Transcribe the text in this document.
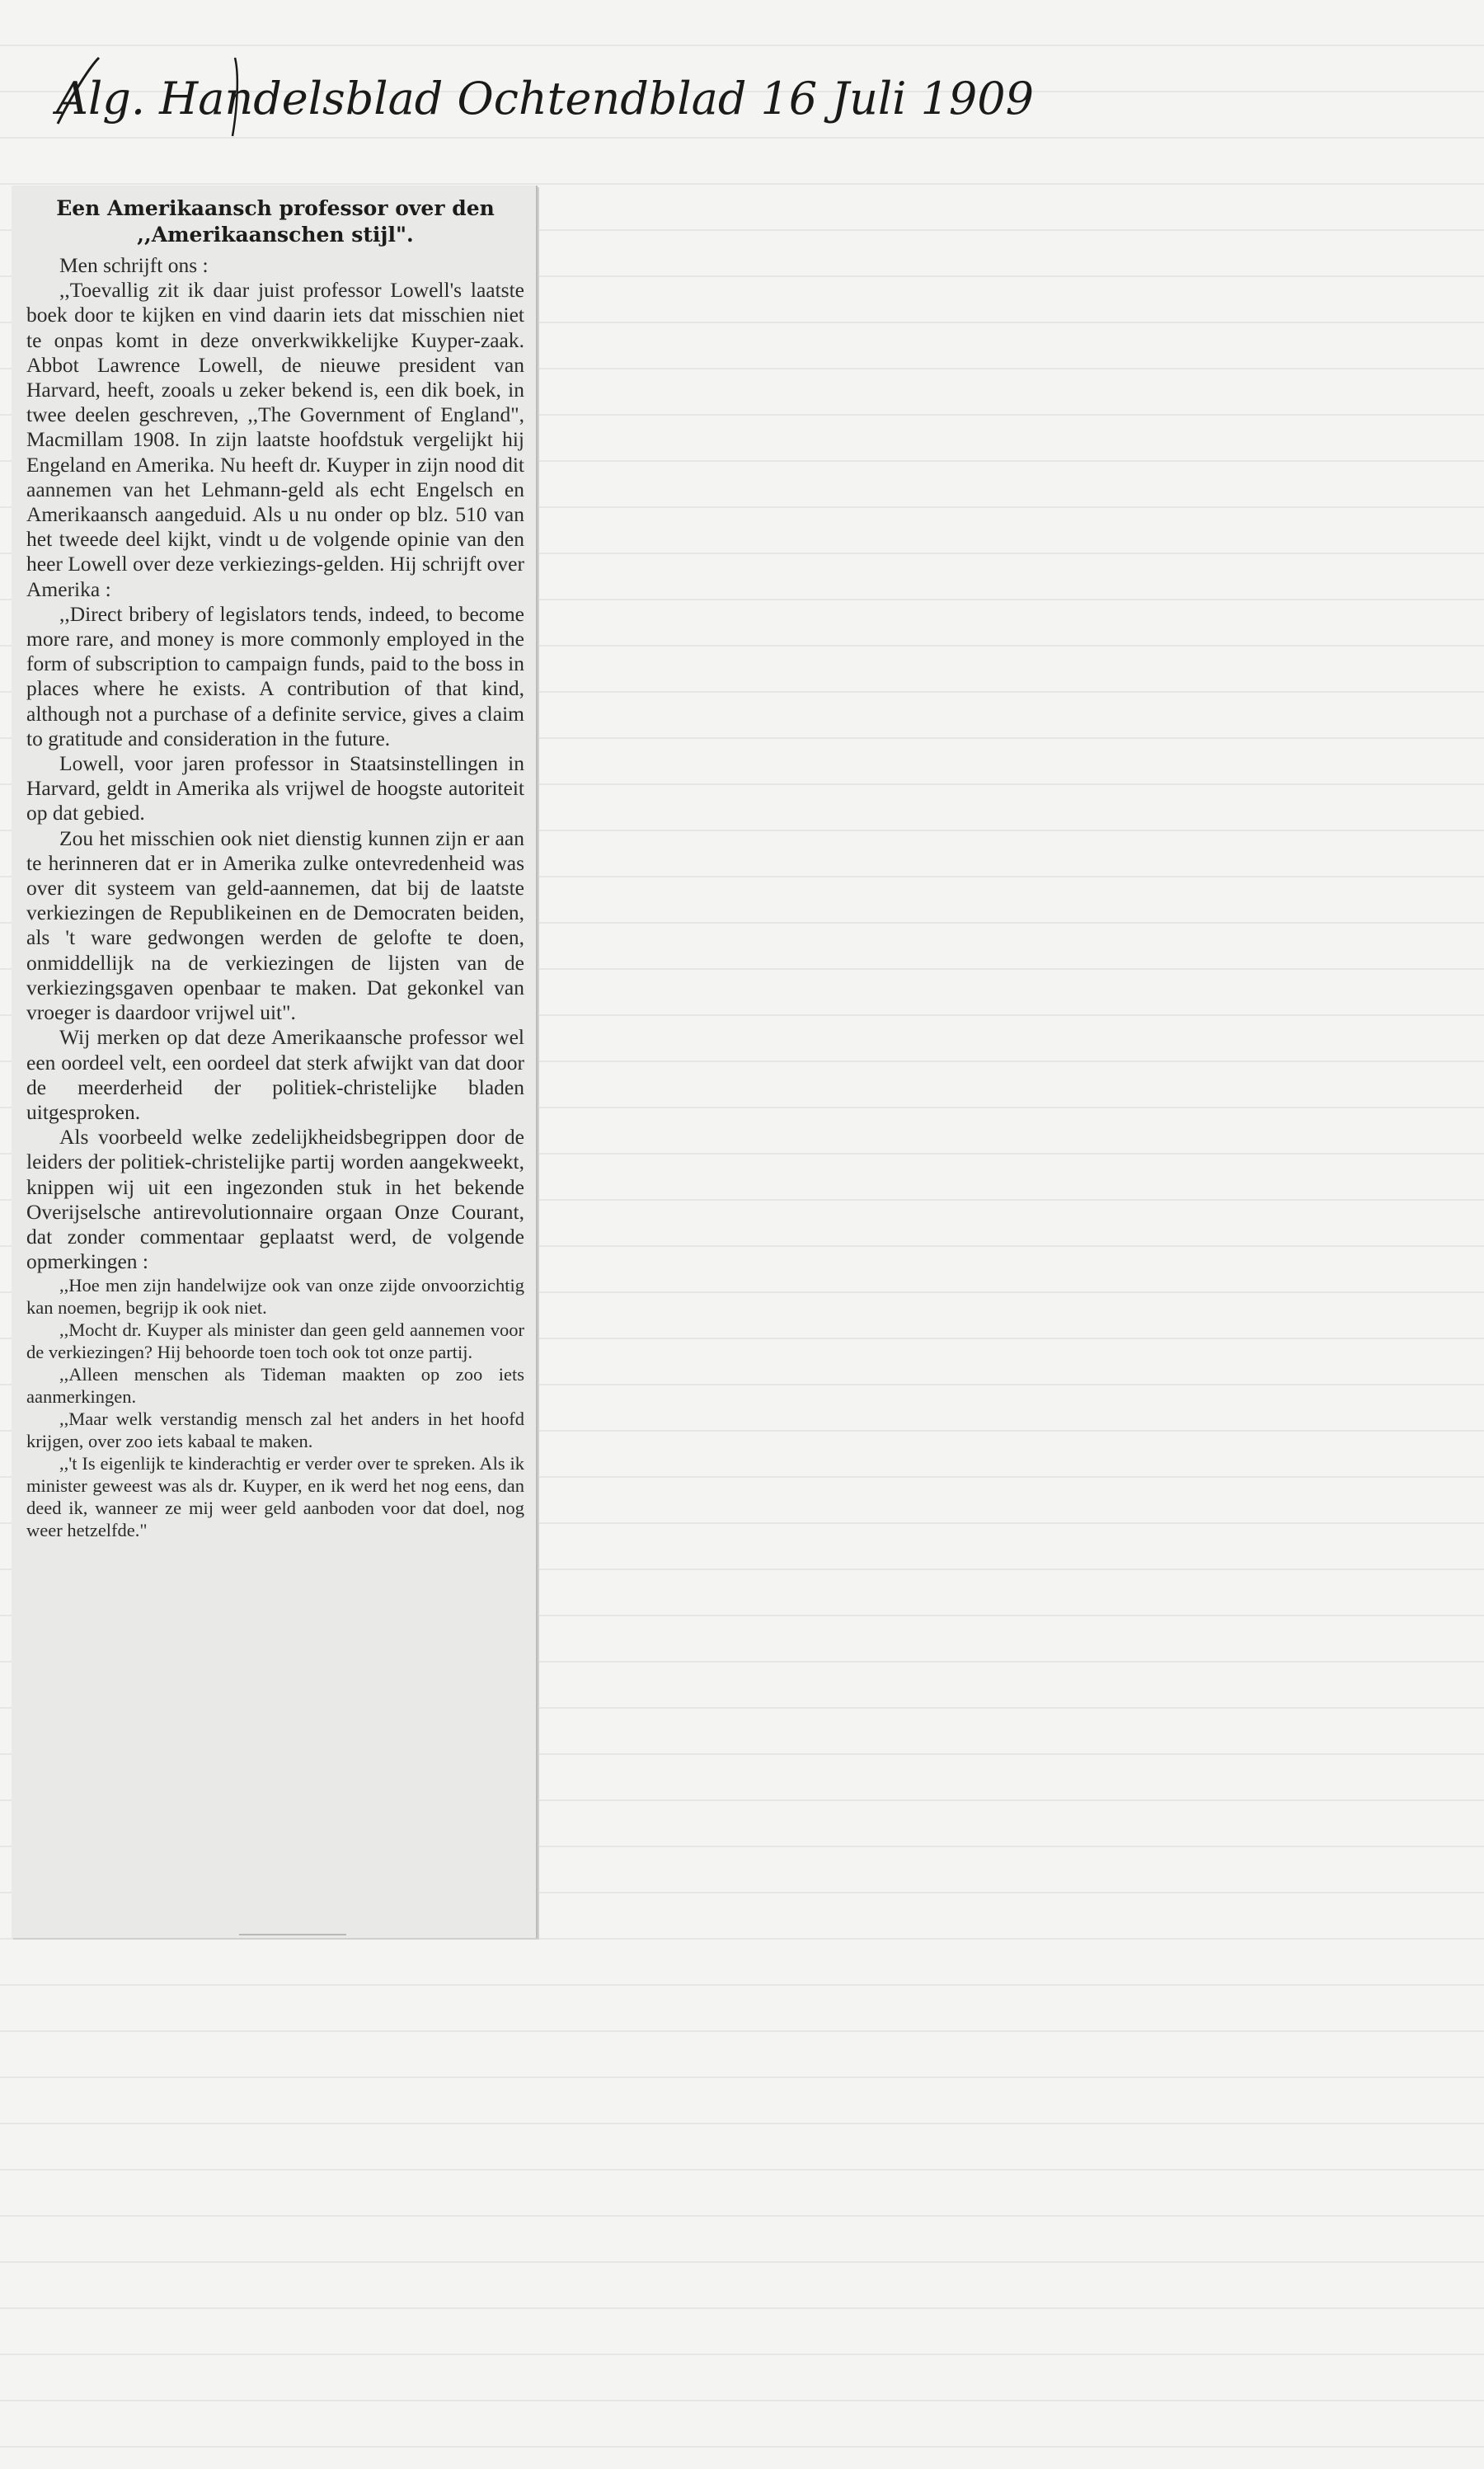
Alg. Handelsblad Ochtendblad 16 Juli 1909
Een Amerikaansch professor over den
,,Amerikaanschen stijl".

Men schrijft ons :

,,Toevallig zit ik daar juist professor Lowell's laatste boek door te kijken en vind daarin iets dat misschien niet te onpas komt in deze onverkwikkelijke Kuyper-zaak. Abbot Lawrence Lowell, de nieuwe president van Harvard, heeft, zooals u zeker bekend is, een dik boek, in twee deelen geschreven, ,,The Government of England", Macmillam 1908. In zijn laatste hoofdstuk vergelijkt hij Engeland en Amerika. Nu heeft dr. Kuyper in zijn nood dit aannemen van het Lehmann-geld als echt Engelsch en Amerikaansch aangeduid. Als u nu onder op blz. 510 van het tweede deel kijkt, vindt u de volgende opinie van den heer Lowell over deze verkiezings-gelden. Hij schrijft over Amerika :

,,Direct bribery of legislators tends, indeed, to become more rare, and money is more commonly employed in the form of subscription to campaign funds, paid to the boss in places where he exists. A contribution of that kind, although not a purchase of a definite service, gives a claim to gratitude and consideration in the future.

Lowell, voor jaren professor in Staatsinstellingen in Harvard, geldt in Amerika als vrijwel de hoogste autoriteit op dat gebied.

Zou het misschien ook niet dienstig kunnen zijn er aan te herinneren dat er in Amerika zulke ontevredenheid was over dit systeem van geld-aannemen, dat bij de laatste verkiezingen de Republikeinen en de Democraten beiden, als 't ware gedwongen werden de gelofte te doen, onmiddellijk na de verkiezingen de lijsten van de verkiezingsgaven openbaar te maken. Dat gekonkel van vroeger is daardoor vrijwel uit".

Wij merken op dat deze Amerikaansche professor wel een oordeel velt, een oordeel dat sterk afwijkt van dat door de meerderheid der politiek-christelijke bladen uitgesproken.

Als voorbeeld welke zedelijkheidsbegrippen door de leiders der politiek-christelijke partij worden aangekweekt, knippen wij uit een ingezonden stuk in het bekende Overijselsche antirevolutionnaire orgaan Onze Courant, dat zonder commentaar geplaatst werd, de volgende opmerkingen :

,,Hoe men zijn handelwijze ook van onze zijde onvoorzichtig kan noemen, begrijp ik ook niet.

,,Mocht dr. Kuyper als minister dan geen geld aannemen voor de verkiezingen? Hij behoorde toen toch ook tot onze partij.

,,Alleen menschen als Tideman maakten op zoo iets aanmerkingen.

,,Maar welk verstandig mensch zal het anders in het hoofd krijgen, over zoo iets kabaal te maken.

,,'t Is eigenlijk te kinderachtig er verder over te spreken. Als ik minister geweest was als dr. Kuyper, en ik werd het nog eens, dan deed ik, wanneer ze mij weer geld aanboden voor dat doel, nog weer hetzelfde."
